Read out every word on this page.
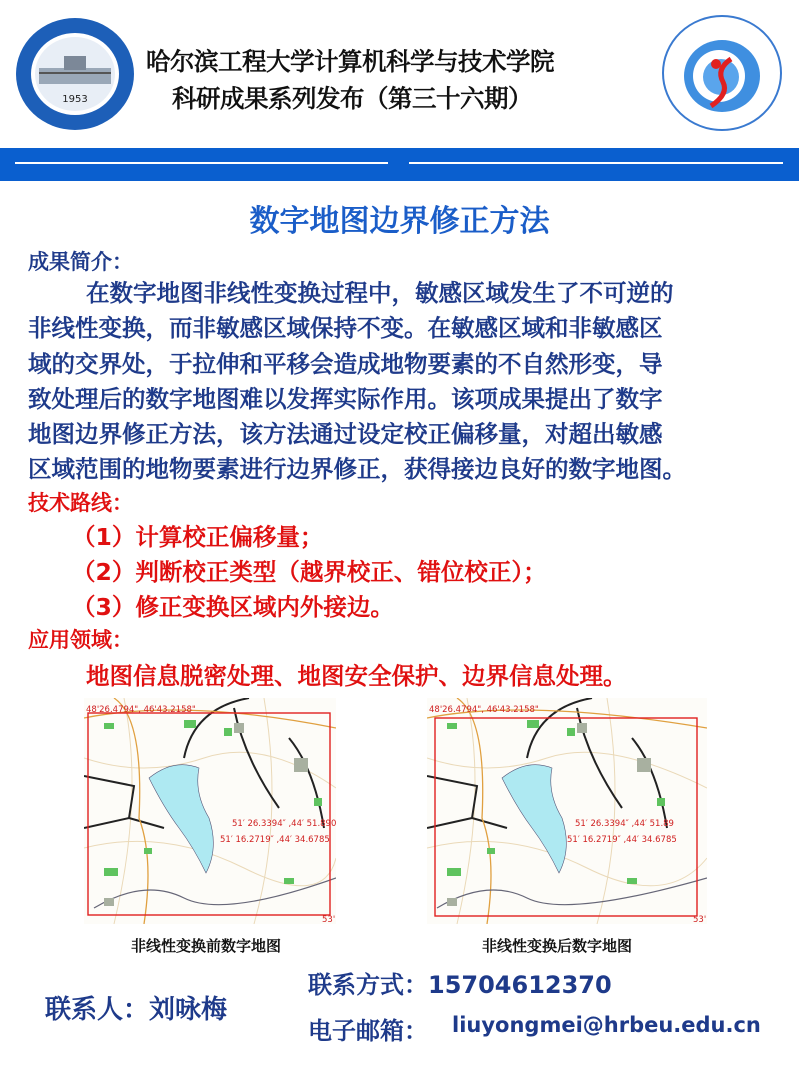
1953
哈尔滨工程大学计算机科学与技术学院
科研成果系列发布（第三十六期）
数字地图边界修正方法
成果简介：
在数字地图非线性变换过程中，敏感区域发生了不可逆的
非线性变换，而非敏感区域保持不变。在敏感区域和非敏感区
域的交界处，于拉伸和平移会造成地物要素的不自然形变，导
致处理后的数字地图难以发挥实际作用。该项成果提出了数字
地图边界修正方法，该方法通过设定校正偏移量，对超出敏感
区域范围的地物要素进行边界修正，获得接边良好的数字地图。
技术路线：
（1）计算校正偏移量；
（2）判断校正类型（越界校正、错位校正）；
（3）修正变换区域内外接边。
应用领域：
地图信息脱密处理、地图安全保护、边界信息处理。
48'26.4794", 46'43.2158"
51′ 26.3394″ ,44′ 51.890
51′ 16.2719″ ,44′ 34.6785
53'
48'26.4794", 46'43.2158"
51′ 26.3394″ ,44′ 51.89
51′ 16.2719″ ,44′ 34.6785
53'
非线性变换前数字地图	非线性变换后数字地图
联系人：刘咏梅
联系方式：15704612370
电子邮箱： liuyongmei@hrbeu.edu.cn
